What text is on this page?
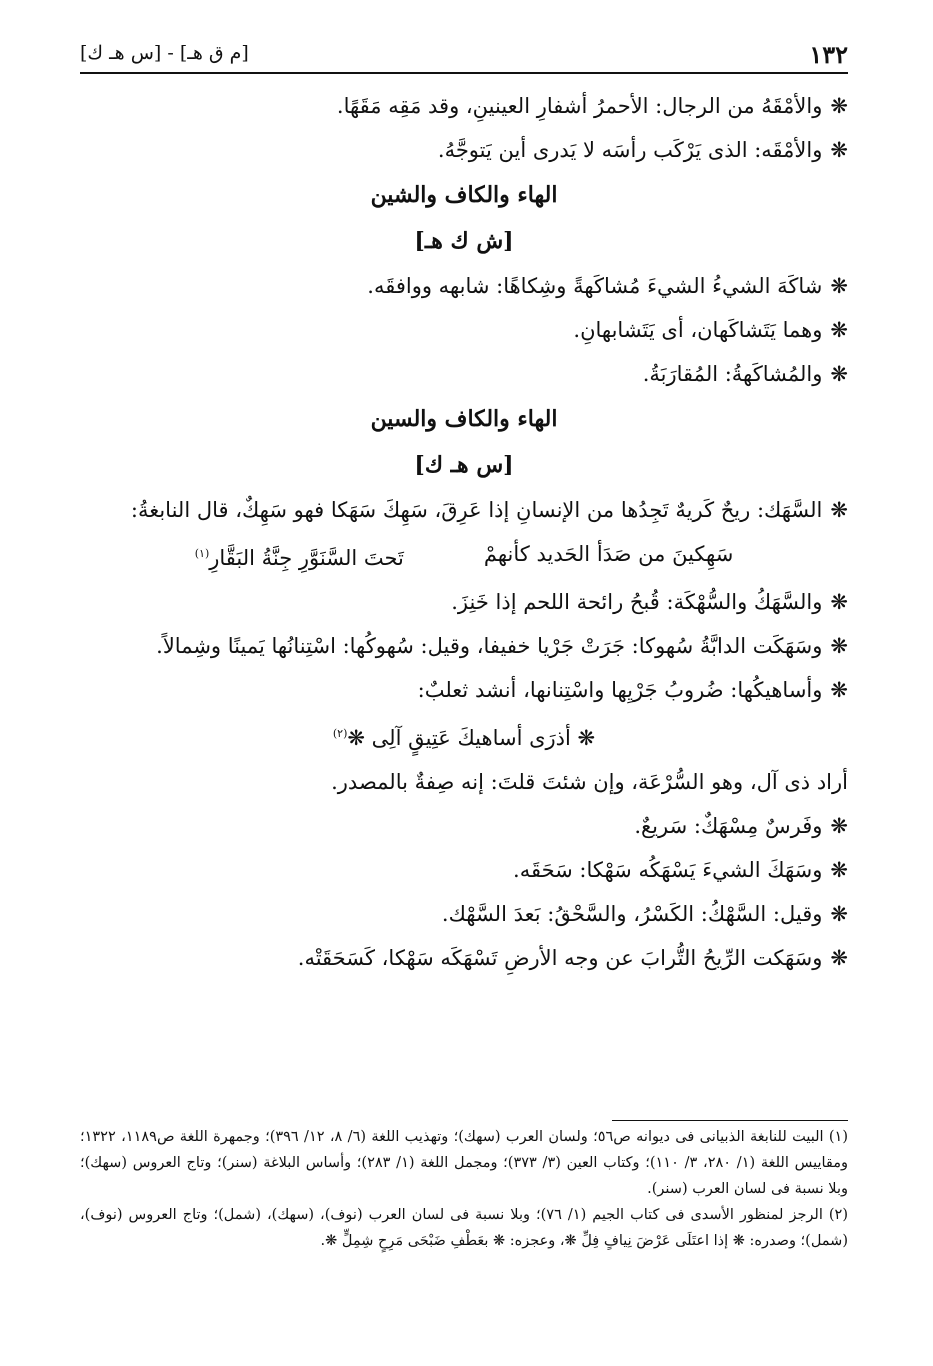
١٣٢
[م ق هـ] - [س هـ ك]

❋والأمْقَهُ من الرجال: الأحمرُ أشفارِ العينينِ، وقد مَقِه مَقَهًا.

❋والأمْقَه: الذى يَرْكَب رأسَه لا يَدرى أين يَتوجَّهُ.

الهاء والكاف والشين

[ش ك هـ]

❋شاكَهَ الشيءُ الشيءَ مُشاكَهةً وشِكاهًا: شابهه ووافقَه.

❋وهما يَتَشاكَهان، أى يَتَشابهانِ.

❋والمُشاكَهةُ: المُقارَبَةُ.

الهاء والكاف والسين

[س هـ ك]

❋السَّهَك: ريحٌ كَريهٌ تَجِدُها من الإنسانِ إذا عَرِقَ، سَهِكَ سَهَكا فهو سَهِكٌ، قال النابغةُ:

سَهِكينَ من صَدَأ الحَديد كأنهمْ
تَحتَ السَّنَوَّرِ جِنَّةُ البَقَّارِ$^{(١)}$

❋والسَّهَكُ والسُّهْكَة: قُبحُ رائحة اللحم إذا خَنِزَ.

❋وسَهَكَت الدابَّةُ سُهوكا: جَرَتْ جَرْيا خفيفا، وقيل: سُهوكُها: اسْتِنانُها يَمينًا وشِمالاً.

❋وأساهيكُها: ضُروبُ جَرْيِها واسْتِنانها، أنشد ثعلبٌ:

❋ أذرَى أساهيكَ عَتِيقٍ آلِى ❋$^{(٢)}$

أراد ذى آل، وهو السُّرْعَة، وإن شئتَ قلتَ: إنه صِفةٌ بالمصدر.

❋وفَرسٌ مِسْهَكٌ: سَريعٌ.

❋وسَهَكَ الشيءَ يَسْهَكُه سَهْكا: سَحَقَه.

❋وقيل: السَّهْكُ: الكَسْرُ، والسَّحْقُ: بَعدَ السَّهْك.

❋وسَهَكت الرِّيحُ التُّرابَ عن وجه الأرضِ تَسْهَكَه سَهْكا، كَسَحَقَتْه.

(١) البيت للنابغة الذبيانى فى ديوانه ص٥٦؛ ولسان العرب (سهك)؛ وتهذيب اللغة (٦/ ٨، ١٢/ ٣٩٦)؛ وجمهرة اللغة ص١١٨٩، ١٣٢٢؛ ومقاييس اللغة (١/ ٢٨٠، ٣/ ١١٠)؛ وكتاب العين (٣/ ٣٧٣)؛ ومجمل اللغة (١/ ٢٨٣)؛ وأساس البلاغة (سنر)؛ وتاج العروس (سهك)؛ وبلا نسبة فى لسان العرب (سنر).

(٢) الرجز لمنظور الأسدى فى كتاب الجيم (١/ ٧٦)؛ وبلا نسبة فى لسان العرب (نوف)، (سهك)، (شمل)؛ وتاج العروس (نوف)، (شمل)؛ وصدره: ❋ إذا اعتَلَى عَرْضَ نِيافٍ فِلِّ ❋، وعجزه: ❋ بعَطْفِ ضَبْحَى مَرِحٍ شِمِلٍّ ❋.
